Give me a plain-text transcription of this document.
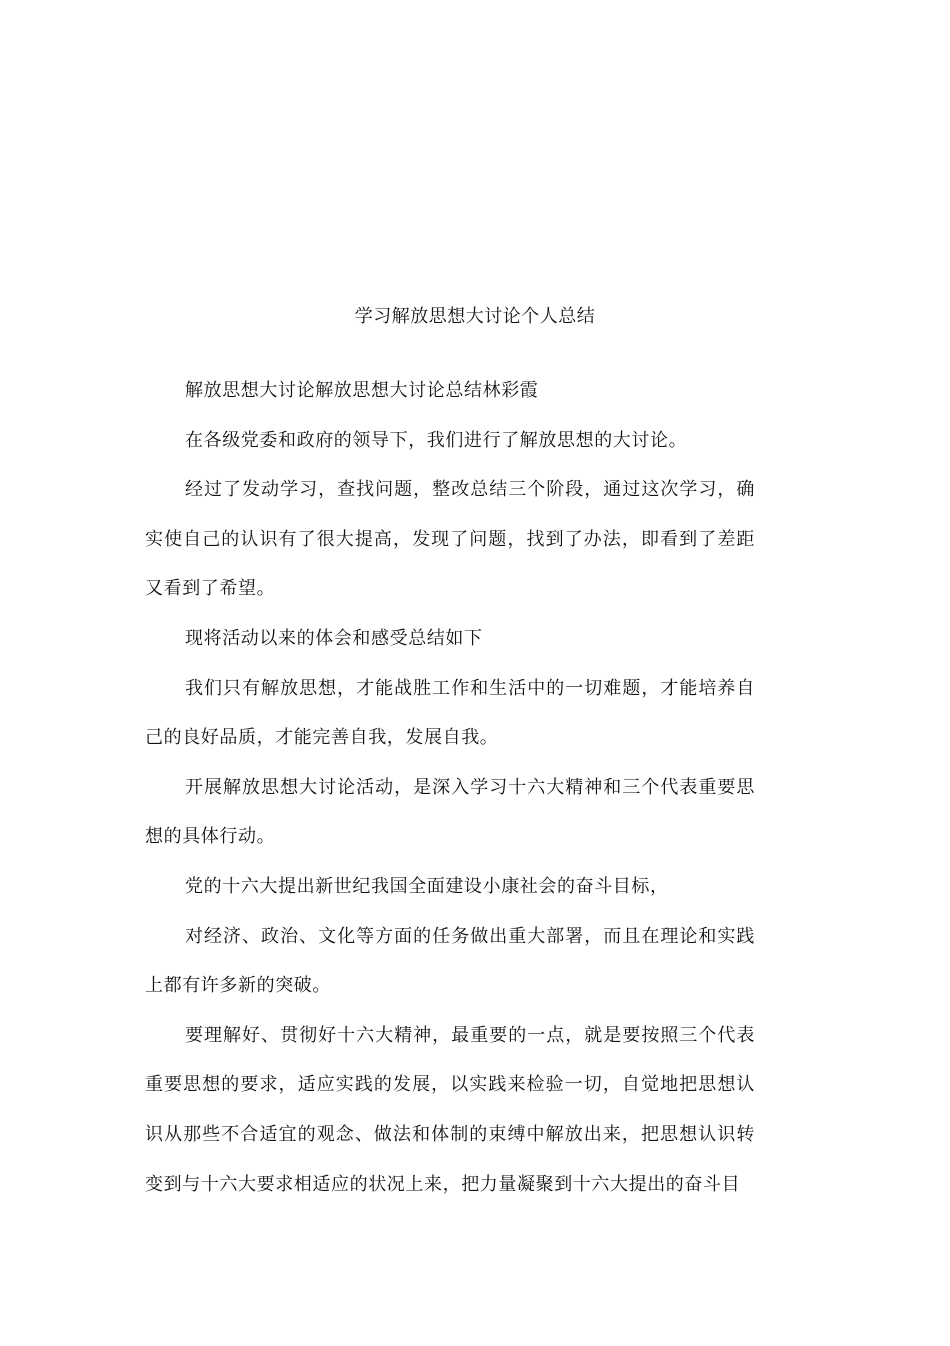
学习解放思想大讨论个人总结

解放思想大讨论解放思想大讨论总结林彩霞

在各级党委和政府的领导下，我们进行了解放思想的大讨论。

经过了发动学习，查找问题，整改总结三个阶段，通过这次学习，确实使自己的认识有了很大提高，发现了问题，找到了办法，即看到了差距又看到了希望。

现将活动以来的体会和感受总结如下

我们只有解放思想，才能战胜工作和生活中的一切难题，才能培养自己的良好品质，才能完善自我，发展自我。

开展解放思想大讨论活动，是深入学习十六大精神和三个代表重要思想的具体行动。

党的十六大提出新世纪我国全面建设小康社会的奋斗目标，

对经济、政治、文化等方面的任务做出重大部署，而且在理论和实践上都有许多新的突破。

要理解好、贯彻好十六大精神，最重要的一点，就是要按照三个代表重要思想的要求，适应实践的发展，以实践来检验一切，自觉地把思想认识从那些不合适宜的观念、做法和体制的束缚中解放出来，把思想认识转变到与十六大要求相适应的状况上来，把力量凝聚到十六大提出的奋斗目
